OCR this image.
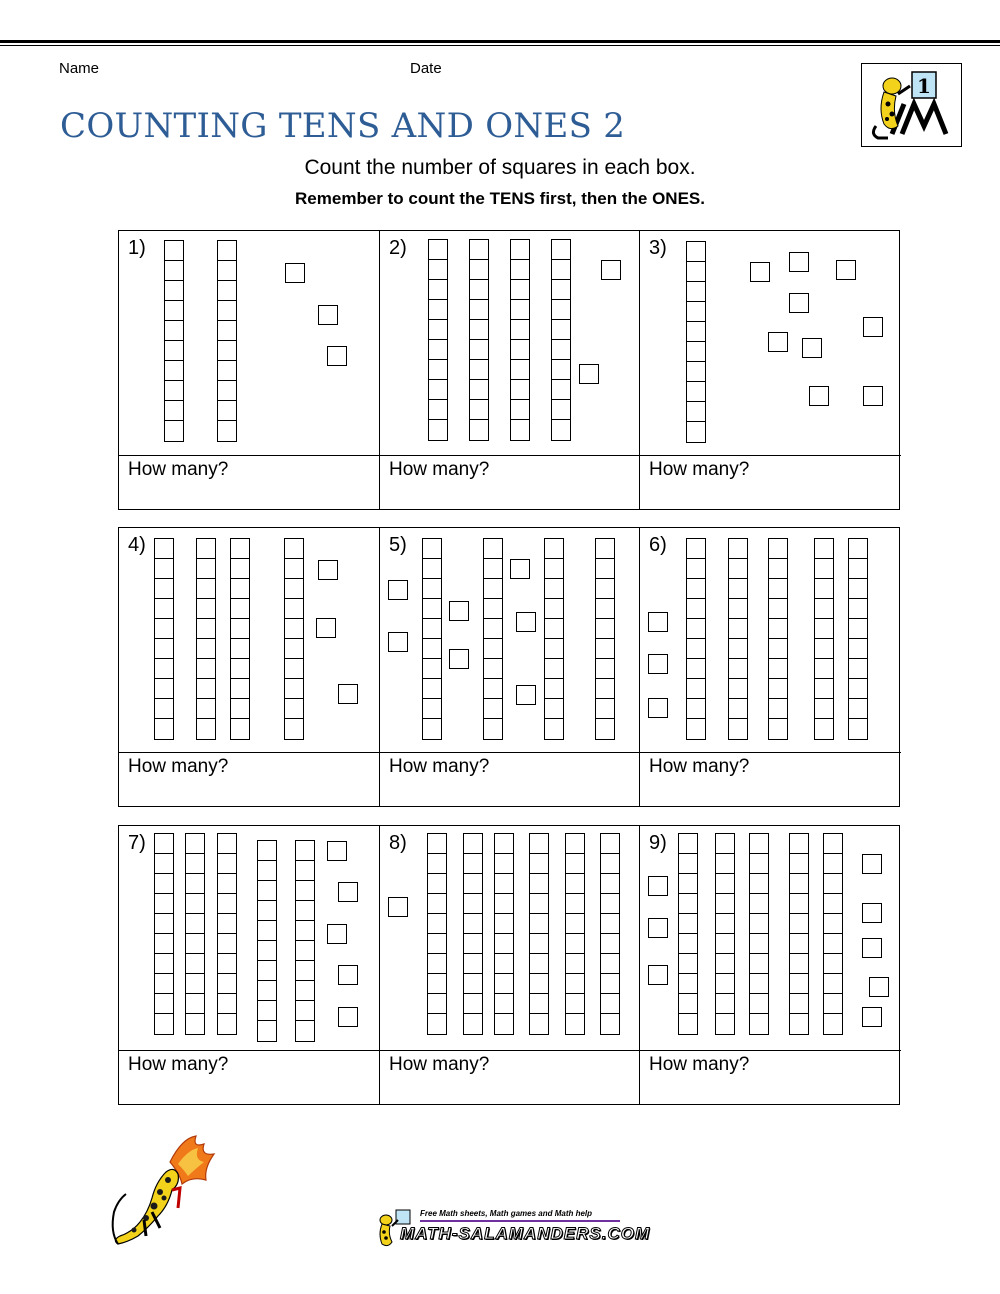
Name	Date
COUNTING TENS AND ONES 2
1
Count the number of squares in each box.
Remember to count the TENS first, then the ONES.
1)
How many?
2)
How many?
3)
How many?
4)
How many?
5)
How many?
6)
How many?
7)
How many?
8)
How many?
9)
How many?
Free Math sheets, Math games and Math help
MATH-SALAMANDERS.COM
